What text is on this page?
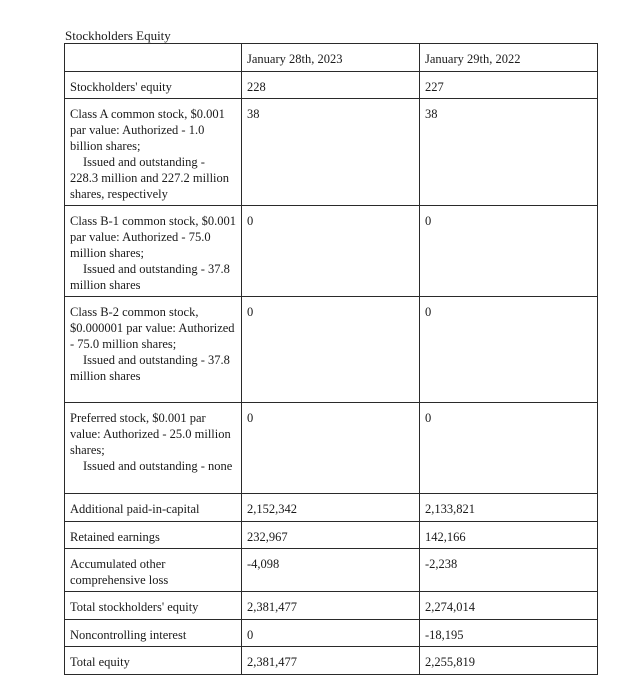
Stockholders Equity
	January 28th, 2023	January 29th, 2022
Stockholders' equity	228	227
Class A common stock, $0.001 par value: Authorized - 1.0 billion shares;
Issued and outstanding - 228.3 million and 227.2 million shares, respectively	38	38
Class B-1 common stock, $0.001 par value: Authorized - 75.0 million shares;
Issued and outstanding - 37.8 million shares	0	0
Class B-2 common stock, $0.000001 par value: Authorized - 75.0 million shares;
Issued and outstanding - 37.8 million shares	0	0
Preferred stock, $0.001 par value: Authorized - 25.0 million shares;
Issued and outstanding - none	0	0
Additional paid-in-capital	2,152,342	2,133,821
Retained earnings	232,967	142,166
Accumulated other comprehensive loss	-4,098	-2,238
Total stockholders' equity	2,381,477	2,274,014
Noncontrolling interest	0	-18,195
Total equity	2,381,477	2,255,819
